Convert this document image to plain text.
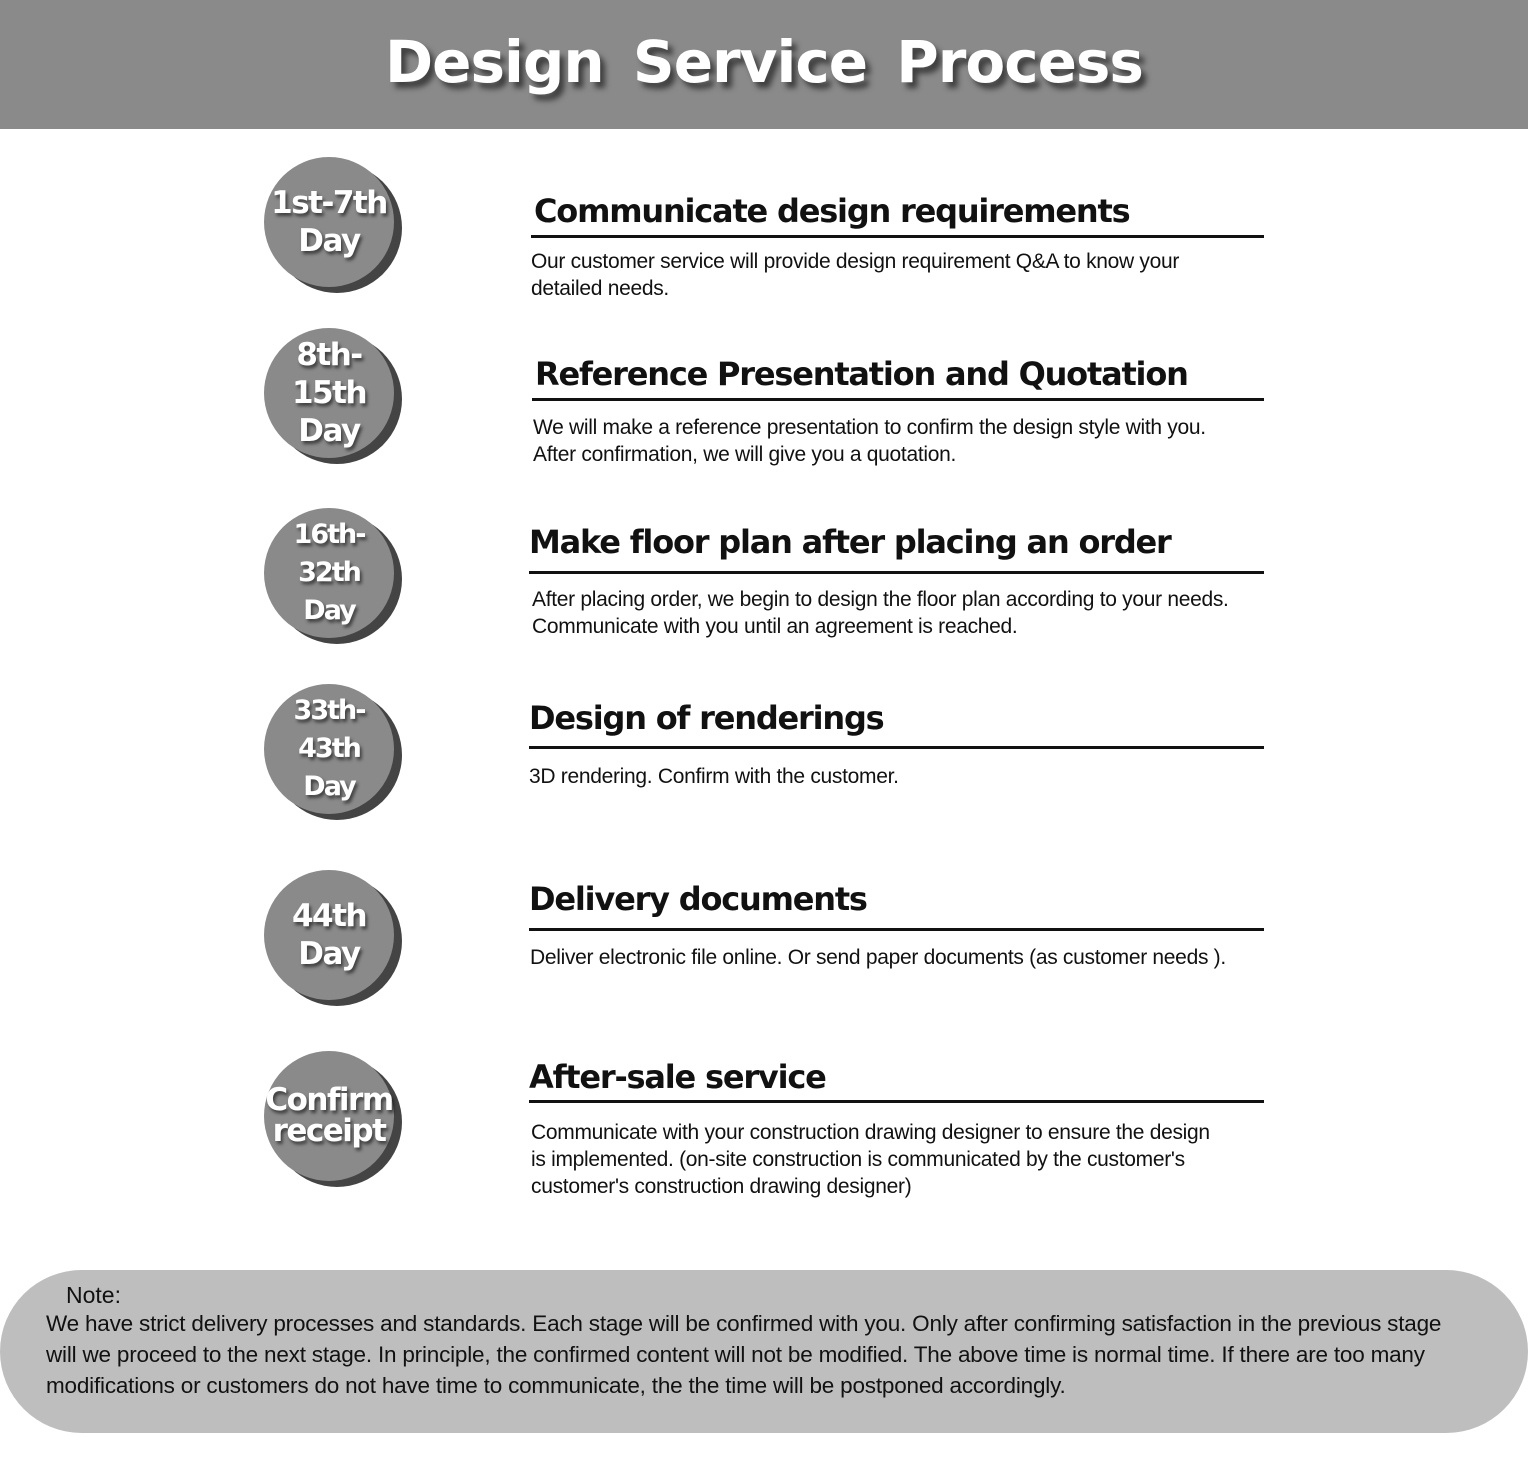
Design Service Process
1st-7th
Day
Communicate design requirements
Our customer service will provide design requirement Q&A to know your
detailed needs.
8th-15th
Day
Reference Presentation and Quotation
We will make a reference presentation to confirm the design style with you.
After confirmation, we will give you a quotation.
16th-32th
Day
Make floor plan after placing an order
After placing order, we begin to design the floor plan according to your needs.
Communicate with you until an agreement is reached.
33th-43th
Day
Design of renderings
3D rendering. Confirm with the customer.
44th Day
Delivery documents
Deliver electronic file online. Or send paper documents (as customer needs ).
Confirm
receipt
After-sale service
Communicate with your construction drawing designer to ensure the design
is implemented. (on-site construction is communicated by the customer's
customer's construction drawing designer)
Note:
We have strict delivery processes and standards. Each stage will be confirmed with you. Only after confirming satisfaction in the previous stage
will we proceed to the next stage. In principle, the confirmed content will not be modified. The above time is normal time. If there are too many
modifications or customers do not have time to communicate, the the time will be postponed accordingly.
